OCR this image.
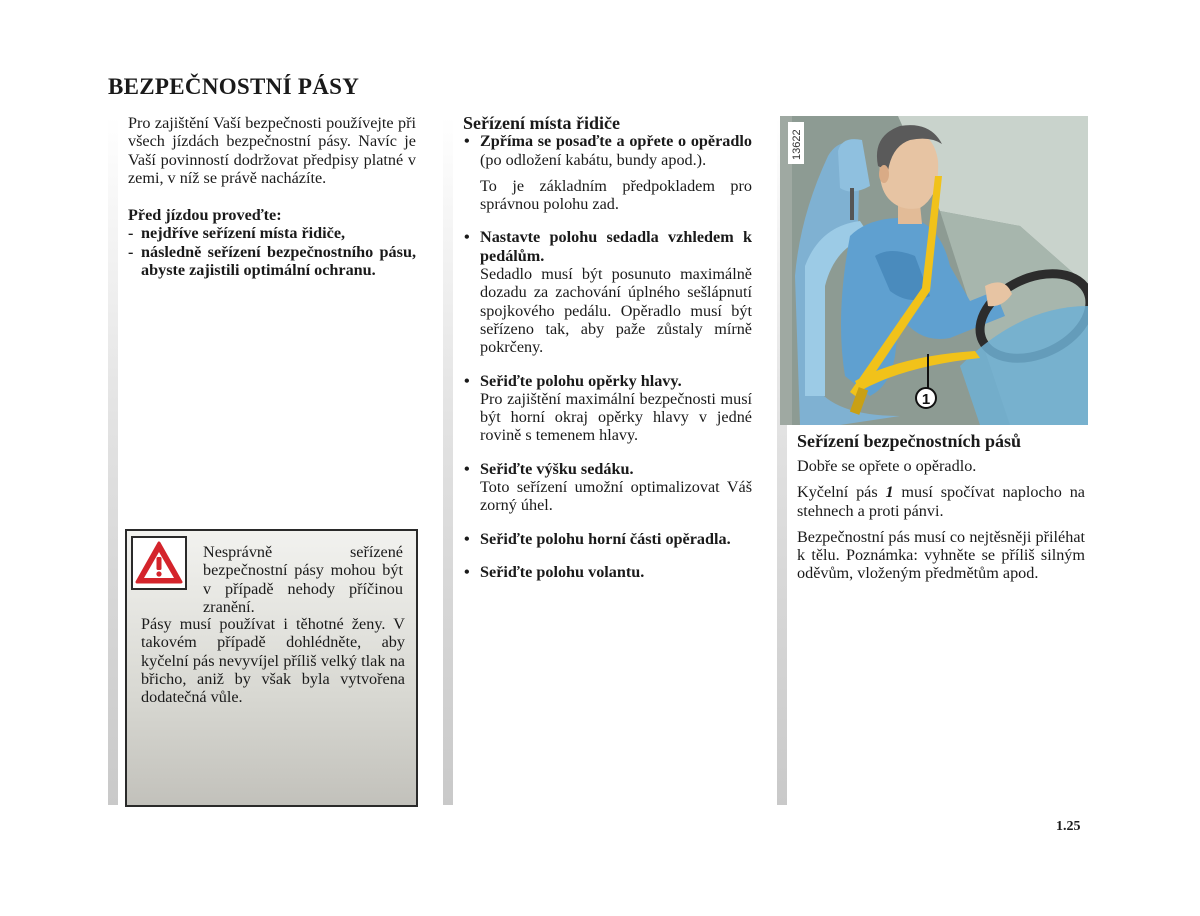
BEZPEČNOSTNÍ PÁSY

Pro zajištění Vaší bezpečnosti používejte při všech jízdách bezpečnostní pásy. Navíc je Vaší povinností dodržovat předpisy platné v zemi, v níž se právě nacházíte.

Před jízdou proveďte:

- nejdříve seřízení místa řidiče,
- následně seřízení bezpečnostního pásu, abyste zajistili optimální ochranu.

Nesprávně seřízené bezpečnostní pásy mohou být v případě nehody příčinou zranění.

Pásy musí používat i těhotné ženy. V takovém případě dohlédněte, aby kyčelní pás nevyvíjel příliš velký tlak na břicho, aniž by však byla vytvořena dodatečná vůle.

Seřízení místa řidiče

• Zpříma se posaďte a opřete o opěradlo (po odložení kabátu, bundy apod.).
To je základním předpokladem pro správnou polohu zad.
• Nastavte polohu sedadla vzhledem k pedálům.
Sedadlo musí být posunuto maximálně dozadu za zachování úplného sešlápnutí spojkového pedálu. Opěradlo musí být seřízeno tak, aby paže zůstaly mírně pokrčeny.
• Seřiďte polohu opěrky hlavy.
Pro zajištění maximální bezpečnosti musí být horní okraj opěrky hlavy v jedné rovině s temenem hlavy.
• Seřiďte výšku sedáku.
Toto seřízení umožní optimalizovat Váš zorný úhel.
• Seřiďte polohu horní části opěradla.
• Seřiďte polohu volantu.
1
13622

Seřízení bezpečnostních pásů

Dobře se opřete o opěradlo.

Kyčelní pás 1 musí spočívat naplocho na stehnech a proti pánvi.

Bezpečnostní pás musí co nejtěsněji přiléhat k tělu. Poznámka: vyhněte se příliš silným oděvům, vloženým předmětům apod.

1.25
